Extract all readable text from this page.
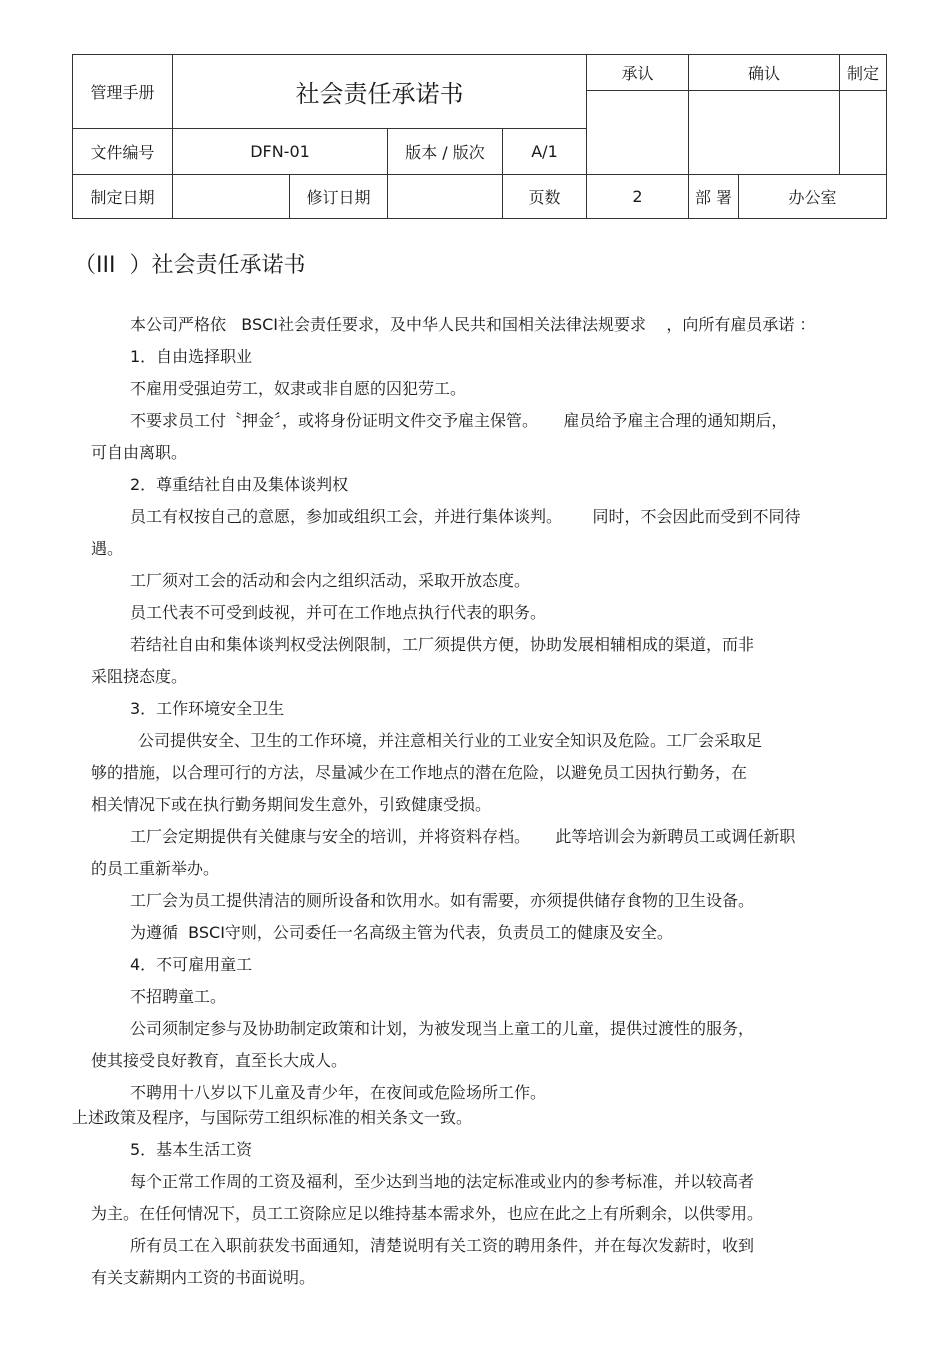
管理手册	社会责任承诺书				承认	确认		制定

文件编号	DFN-01		版本 / 版次	A/1				
制定日期		修订日期		页数	2	部 署	办公室	
（III  ）社会责任承诺书
本公司严格依   BSCI社会责任要求，及中华人民共和国相关法律法规要求    ，向所有雇员承诺 ：
1．自由选择职业
不雇用受强迫劳工，奴隶或非自愿的囚犯劳工。
不要求员工付〝押金〞，或将身份证明文件交予雇主保管。     雇员给予雇主合理的通知期后，
可自由离职。
2．尊重结社自由及集体谈判权
员工有权按自己的意愿，参加或组织工会，并进行集体谈判。      同时，不会因此而受到不同待
遇。
工厂须对工会的活动和会内之组织活动，采取开放态度。
员工代表不可受到歧视，并可在工作地点执行代表的职务。
若结社自由和集体谈判权受法例限制，工厂须提供方便，协助发展相辅相成的渠道，而非
采阻挠态度。
3．工作环境安全卫生
公司提供安全、卫生的工作环境，并注意相关行业的工业安全知识及危险。工厂会采取足
够的措施，以合理可行的方法，尽量减少在工作地点的潜在危险，以避免员工因执行勤务，在
相关情况下或在执行勤务期间发生意外，引致健康受损。
工厂会定期提供有关健康与安全的培训，并将资料存档。     此等培训会为新聘员工或调任新职
的员工重新举办。
工厂会为员工提供清洁的厕所设备和饮用水。如有需要，亦须提供储存食物的卫生设备。
为遵循  BSCI守则，公司委任一名高级主管为代表，负责员工的健康及安全。
4．不可雇用童工
不招聘童工。
公司须制定参与及协助制定政策和计划，为被发现当上童工的儿童，提供过渡性的服务，
使其接受良好教育，直至长大成人。
不聘用十八岁以下儿童及青少年，在夜间或危险场所工作。
上述政策及程序，与国际劳工组织标准的相关条文一致。
5．基本生活工资
每个正常工作周的工资及福利，至少达到当地的法定标准或业内的参考标准，并以较高者
为主。在任何情况下，员工工资除应足以维持基本需求外，也应在此之上有所剩余，以供零用。
所有员工在入职前获发书面通知，清楚说明有关工资的聘用条件，并在每次发薪时，收到
有关支薪期内工资的书面说明。
